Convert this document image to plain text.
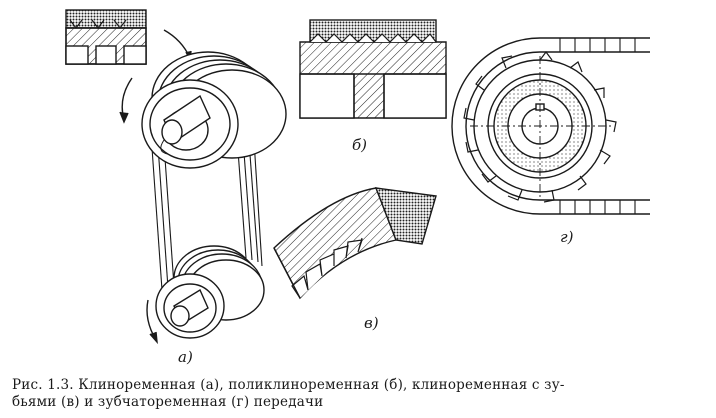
а)
б)
в)
г)
Рис. 1.3. Клиноременная (а), поликлиноременная (б), клиноременная с зу-
бьями (в) и зубчатоременная (г) передачи
